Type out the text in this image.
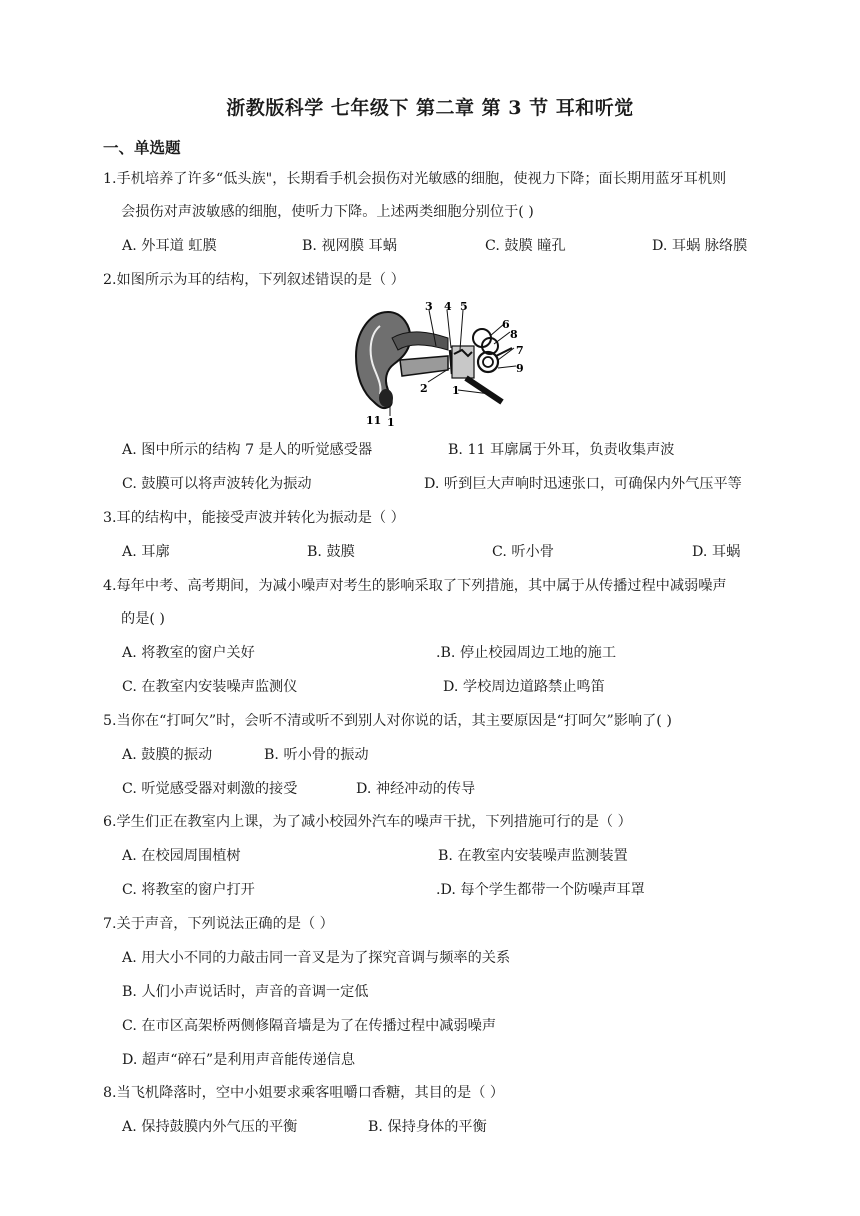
浙教版科学 七年级下 第二章 第 3 节 耳和听觉
一、单选题
1.手机培养了许多“低头族"，长期看手机会损伤对光敏感的细胞，使视力下降；面长期用蓝牙耳机则
会损伤对声波敏感的细胞，使听力下降。上述两类细胞分别位于( )
A. 外耳道 虹膜	B. 视网膜 耳蜗	C. 鼓膜 瞳孔	D. 耳蜗 脉络膜
2.如图所示为耳的结构，下列叙述错误的是（ ）
3 4 5
6
8
7
9
2 1
11 1
A. 图中所示的结构 7 是人的听觉感受器	B. 11 耳廓属于外耳，负责收集声波
C. 鼓膜可以将声波转化为振动	D. 听到巨大声响时迅速张口，可确保内外气压平等
3.耳的结构中，能接受声波并转化为振动是（ ）
A. 耳廓	B. 鼓膜	C. 听小骨	D. 耳蜗
4.每年中考、高考期间，为减小噪声对考生的影响采取了下列措施，其中属于从传播过程中减弱噪声
的是( )
A. 将教室的窗户关好	.B. 停止校园周边工地的施工
C. 在教室内安装噪声监测仪	D. 学校周边道路禁止鸣笛
5.当你在“打呵欠”时，会听不清或听不到别人对你说的话，其主要原因是“打呵欠”影响了( )
A. 鼓膜的振动	B. 听小骨的振动
C. 听觉感受器对刺激的接受	D. 神经冲动的传导
6.学生们正在教室内上课，为了减小校园外汽车的噪声干扰，下列措施可行的是（ ）
A. 在校园周围植树	B. 在教室内安装噪声监测装置
C. 将教室的窗户打开	.D. 每个学生都带一个防噪声耳罩
7.关于声音，下列说法正确的是（ ）
A. 用大小不同的力敲击同一音叉是为了探究音调与频率的关系
B. 人们小声说话时，声音的音调一定低
C. 在市区高架桥两侧修隔音墙是为了在传播过程中减弱噪声
D. 超声“碎石”是利用声音能传递信息
8.当飞机降落时，空中小姐要求乘客咀嚼口香糖，其目的是（ ）
A. 保持鼓膜内外气压的平衡	B. 保持身体的平衡
